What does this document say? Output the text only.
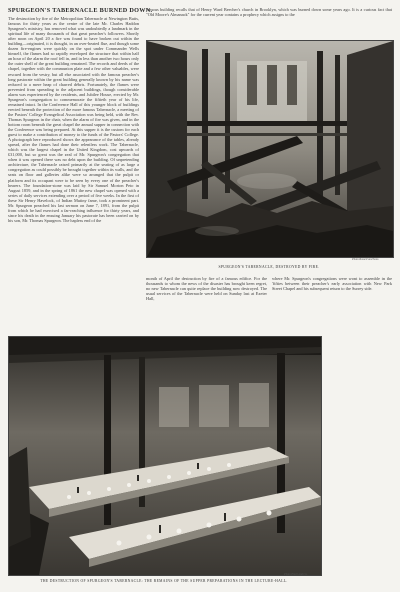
SPURGEON'S TABERNACLE BURNED DOWN.
The destruction by fire of the Metropolitan Tabernacle at Newington Butts, famous for thirty years as the centre of the late Mr. Charles Haddon Spurgeon's ministry, has removed what was undoubtedly a landmark in the spiritual life of many thousands of that great preacher's followers. Shortly after noon on April 20 a fire was found to have broken out within the building—originated, it is thought, in an over-heated flue, and though some dozen fire-engines were quickly on the spot under Commander Wells himself, the flames had so rapidly enveloped the structure that within half an hour of the alarm the roof fell in, and in less than another two hours only the outer shell of the great building remained. The records and deeds of the chapel, together with the communion plate and a few other valuables, were rescued from the vestry, but all else associated with the famous preacher's long pastorate within the great building generally known by his name was reduced to a mere heap of charred débris. Fortunately, the flames were prevented from spreading to the adjacent buildings, though considerable alarm was experienced by the residents, and Jubilee House, erected by Mr. Spurgeon's congregation to commemorate the fiftieth year of his life, remained intact. In the Conference Hall of this younger block of buildings erected beneath the protection of the more famous Tabernacle, a meeting of the Pastors' College Evangelical Association was being held, with the Rev. Thomas Spurgeon in the chair, when the alarm of fire was given, and in the bottom room beneath the great chapel the annual supper in connection with the Conference was being prepared. At this supper it is the custom for each guest to make a contribution of money to the funds of the Pastors' College. A photograph here reproduced shows the appearance of the tables, already spread, after the flames had done their relentless work. The Tabernacle, which was the largest chapel in the United Kingdom, cost upwards of £31,000, but so great was the zeal of Mr. Spurgeon's congregation that when it was opened there was no debt upon the building. Of unpretending architecture, the Tabernacle raised primarily at the seating of as large a congregation as could possibly be brought together within its walls, and the seats on floor and galleries alike were so arranged that the pulpit or platform and its occupant were to be seen by every one of the preacher's hearers. The foundation-stone was laid by Sir Samuel Morton Peto in August 1859, and in the spring of 1861 the new chapel was opened with a series of daily services extending over a period of five weeks. In the first of these Sir Henry Havelock, of Indian Mutiny fame, took a prominent part. Mr. Spurgeon preached his last sermon on June 7, 1891, from the pulpit from which he had exercised a far-reaching influence for thirty years, and since his death in the ensuing January his pastorate has been carried on by his son, Mr. Thomas Spurgeon. The hapless end of the
famous building recalls that of Henry Ward Beecher's church in Brooklyn, which was burned down some years ago. It is a curious fact that "Old Moore's Almanack" for the current year contains a prophecy which assigns to the
Photo Russell and Sons.
SPURGEON'S TABERNACLE, DESTROYED BY FIRE.
month of April the destruction by fire of a famous edifice. For the thousands to whom the news of the disaster has brought keen regret, no new Tabernacle can quite replace the building now destroyed. The usual services of the Tabernacle were held on Sunday last at Exeter Hall,
where Mr. Spurgeon's congregations were wont to assemble in the 'fifties between their preacher's early association with New Park Street Chapel and his subsequent return to the Surrey side.
Photo Pinch and Co.
THE DESTRUCTION OF SPURGEON'S TABERNACLE: THE REMAINS OF THE SUPPER PREPARATIONS IN THE LECTURE-HALL.
